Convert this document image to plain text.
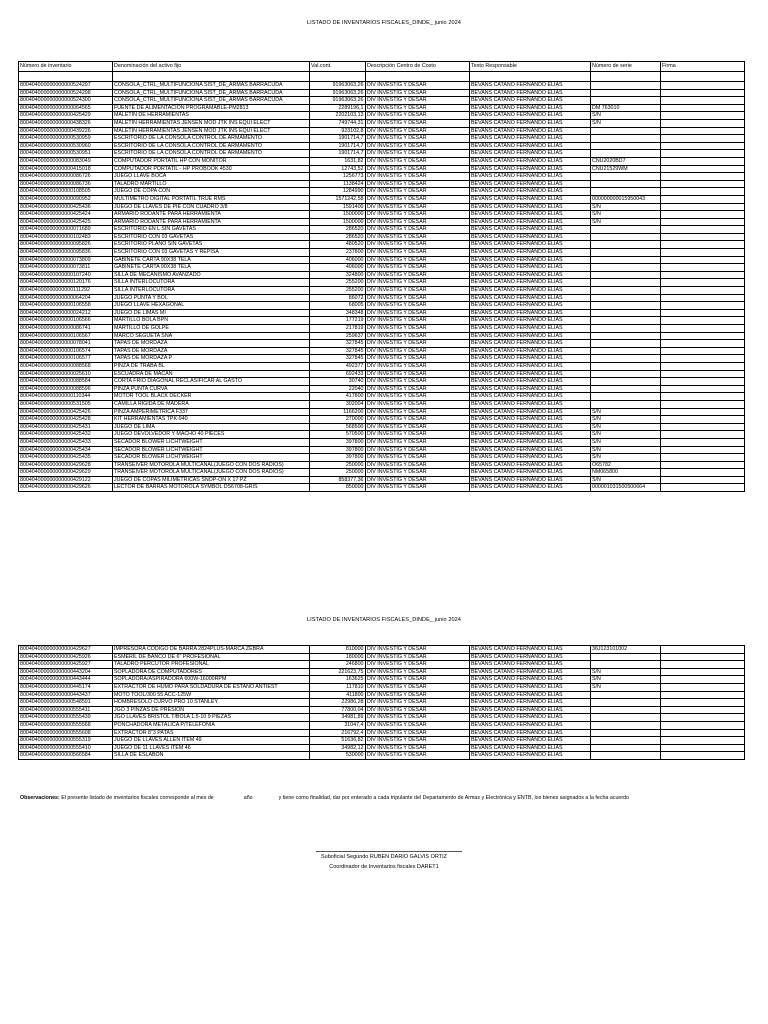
LISTADO DE INVENTARIOS FISCALES_DINDE_ junio 2024
Número de inventario	Denominación del activo fijo	Val.cont.	Descripción Centro de Costo	Texto Responsable	Número de serie	Firma

800404000000000000524297	CONSOLA_CTRL_MULTIFUNCIONA SIST_DE_ARMAS BARRACUDA	91963063,26	DIV INVESTIG Y DESAR	BEVANS CATAÑO FERNANDO ELIAS		
800404000000000000524298	CONSOLA_CTRL_MULTIFUNCIONA SIST_DE_ARMAS BARRACUDA	91963063,26	DIV INVESTIG Y DESAR	BEVANS CATAÑO FERNANDO ELIAS		
800404000000000000524300	CONSOLA_CTRL_MULTIFUNCIONA SIST_DE_ARMAS BARRACUDA	91963063,26	DIV INVESTIG Y DESAR	BEVANS CATAÑO FERNANDO ELIAS		
800404000000000000064565	FUENTE DE ALIMENTACION PROGRAMABLE-PM2813	2289196,1	DIV INVESTIG Y DESAR	BEVANS CATAÑO FERNANDO ELIAS	DM 763010	
800404000000000000425429	MALETIN DE HERRAMIENTAS	2202103,13	DIV INVESTIG Y DESAR	BEVANS CATAÑO FERNANDO ELIAS	S/N	
800404000000000000438326	MALETIN HERRAMIENTAS JENSEN MOD JTK INS EQUI ELECT	749744,31	DIV INVESTIG Y DESAR	BEVANS CATAÑO FERNANDO ELIAS	S/N	
800404000000000000439226	MALETIN HERRAMIENTAS JENSEN MOD JTK INS EQUI ELECT	923102,8	DIV INVESTIG Y DESAR	BEVANS CATAÑO FERNANDO ELIAS		
800404000000000000530959	ESCRITORIO DE LA CONSOLA CONTROL DE ARMAMENTO	1901714,7	DIV INVESTIG Y DESAR	BEVANS CATAÑO FERNANDO ELIAS		
800404000000000000530960	ESCRITORIO DE LA CONSOLA CONTROL DE ARMAMENTO	1901714,7	DIV INVESTIG Y DESAR	BEVANS CATAÑO FERNANDO ELIAS		
800404000000000000530951	ESCRITORIO DE LA CONSOLA CONTROL DE ARMAMENTO	1901714,7	DIV INVESTIG Y DESAR	BEVANS CATAÑO FERNANDO ELIAS		
800404000000000000083049	COMPUTADOR PORTATIL HP CON MONITOR	1631,82	DIV INVESTIG Y DESAR	BEVANS CATAÑO FERNANDO ELIAS	CNU2020BD7	
800404000000000000415018	COMPUTADOR PORTATIL - HP PROBOOK 4530	12743,52	DIV INVESTIG Y DESAR	BEVANS CATAÑO FERNANDO ELIAS	CNU21529WM	
800404000000000000086726	JUEGO LLAVE BOCA	1256773	DIV INVESTIG Y DESAR	BEVANS CATAÑO FERNANDO ELIAS		
800404000000000000086736	TALADRO MARTILLO	1138424	DIV INVESTIG Y DESAR	BEVANS CATAÑO FERNANDO ELIAS		
800404000000000000108505	JUEGO DE COPA CON	1284990	DIV INVESTIG Y DESAR	BEVANS CATAÑO FERNANDO ELIAS		
800404000000000000090952	MULTIMETRO DIGITAL PORTATIL TRUE RMS	1571242,58	DIV INVESTIG Y DESAR	BEVANS CATAÑO FERNANDO ELIAS	000000000015950043	
800404000000000000425436	JUEGO DE LLAVES DE PIE CON CUADRO 3/8	1591400	DIV INVESTIG Y DESAR	BEVANS CATAÑO FERNANDO ELIAS	S/N	
800404000000000000425424	ARMARIO RODANTE PARA HERRAMIENTA	1500000	DIV INVESTIG Y DESAR	BEVANS CATAÑO FERNANDO ELIAS	S/N	
800404000000000000425425	ARMARIO RODANTE PARA HERRAMIENTA	1500000	DIV INVESTIG Y DESAR	BEVANS CATAÑO FERNANDO ELIAS	S/N	
800404000000000000071689	ESCRITORIO EN L SIN GAVETAS	286520	DIV INVESTIG Y DESAR	BEVANS CATAÑO FERNANDO ELIAS		
800404000000000000102483	ESCRITORIO CON 03 GAVETAS	286520	DIV INVESTIG Y DESAR	BEVANS CATAÑO FERNANDO ELIAS		
800404000000000000095826	ESCRITORIO PLANO SIN GAVETAS	480520	DIV INVESTIG Y DESAR	BEVANS CATAÑO FERNANDO ELIAS		
800404000000000000095836	ESCRITORIO CON 03 GAVETAS Y REPISA	237800	DIV INVESTIG Y DESAR	BEVANS CATAÑO FERNANDO ELIAS		
800404000000000000073809	GABINETE CARTA 90X38 TELA	406000	DIV INVESTIG Y DESAR	BEVANS CATAÑO FERNANDO ELIAS		
800404000000000000073811	GABINETE CARTA 90X38 TELA	406000	DIV INVESTIG Y DESAR	BEVANS CATAÑO FERNANDO ELIAS		
800404000000000000107240	SILLA DE MECANISMO AVANZADO	324800	DIV INVESTIG Y DESAR	BEVANS CATAÑO FERNANDO ELIAS		
800404000000000000120176	SILLA INTERLOCUTORA	255200	DIV INVESTIG Y DESAR	BEVANS CATAÑO FERNANDO ELIAS		
800404000000000000111292	SILLA INTERLOCUTORA	255200	DIV INVESTIG Y DESAR	BEVANS CATAÑO FERNANDO ELIAS		
800404000000000000064204	JUEGO PUNTA Y BOL	86072	DIV INVESTIG Y DESAR	BEVANS CATAÑO FERNANDO ELIAS		
800404000000000000106558	JUEGO LLAVE HEXAGONAL	68005	DIV INVESTIG Y DESAR	BEVANS CATAÑO FERNANDO ELIAS		
800404000000000000024212	JUEGO DE LIMAS MI	348348	DIV INVESTIG Y DESAR	BEVANS CATAÑO FERNANDO ELIAS		
800404000000000000106566	MARTILLO BOLA BPN	177219	DIV INVESTIG Y DESAR	BEVANS CATAÑO FERNANDO ELIAS		
800404000000000000086741	MARTILLO DE GOLPE	217819	DIV INVESTIG Y DESAR	BEVANS CATAÑO FERNANDO ELIAS		
800404000000000000106567	MARCO SEGUETA SNA	259637	DIV INVESTIG Y DESAR	BEVANS CATAÑO FERNANDO ELIAS		
800404000000000000078041	TAPAS DE MORDAZA	327845	DIV INVESTIG Y DESAR	BEVANS CATAÑO FERNANDO ELIAS		
800404000000000000106574	TAPAS DE MORDAZA	327845	DIV INVESTIG Y DESAR	BEVANS CATAÑO FERNANDO ELIAS		
800404000000000000106577	TAPAS DE MORDAZA P	327845	DIV INVESTIG Y DESAR	BEVANS CATAÑO FERNANDO ELIAS		
800404000000000000088568	PINZA DE TRABA BL	492377	DIV INVESTIG Y DESAR	BEVANS CATAÑO FERNANDO ELIAS		
800404000000000000025610	ESCUADRA DE MACAN	692433	DIV INVESTIG Y DESAR	BEVANS CATAÑO FERNANDO ELIAS		
800404000000000000088584	CORTA FRIO DIAGONAL RECLASIFICAR AL GASTO	30740	DIV INVESTIG Y DESAR	BEVANS CATAÑO FERNANDO ELIAS		
800404000000000000088596	PINZA PUNTA CURVA	22040	DIV INVESTIG Y DESAR	BEVANS CATAÑO FERNANDO ELIAS		
800404000000000000110344	MOTOR TOOL BLACK DECKER	417800	DIV INVESTIG Y DESAR	BEVANS CATAÑO FERNANDO ELIAS		
800404000000000000531505	CAMILLA RIGIDA DE MADERA	302004	DIV INVESTIG Y DESAR	BEVANS CATAÑO FERNANDO ELIAS		
800404000000000000425426	PINZA AMPERIMETRICA F337	1166200	DIV INVESTIG Y DESAR	BEVANS CATAÑO FERNANDO ELIAS	S/N	
800404000000000000425428	KIT HERRAMIENTAS TPK-940	270000	DIV INVESTIG Y DESAR	BEVANS CATAÑO FERNANDO ELIAS	S/N	
800404000000000000425431	JUEGO DE LIMA	568500	DIV INVESTIG Y DESAR	BEVANS CATAÑO FERNANDO ELIAS	S/N	
800404000000000000425432	JUEGO DEVOLVEDOR Y MACHO 40 PIECES	570500	DIV INVESTIG Y DESAR	BEVANS CATAÑO FERNANDO ELIAS	S/N	
800404000000000000425433	SECADOR BLOWER LICHTWEIGHT	397800	DIV INVESTIG Y DESAR	BEVANS CATAÑO FERNANDO ELIAS	S/N	
800404000000000000425434	SECADOR BLOWER LICHTWEIGHT	397800	DIV INVESTIG Y DESAR	BEVANS CATAÑO FERNANDO ELIAS	S/N	
800404000000000000425435	SECADOR BLOWER LICHTWEIGHT	397800	DIV INVESTIG Y DESAR	BEVANS CATAÑO FERNANDO ELIAS	S/N	
800404000000000000429628	TRANSEIVER MOTOROLA MULTICANAL(JUEGO CON DOS RADIOS)	250000	DIV INVESTIG Y DESAR	BEVANS CATAÑO FERNANDO ELIAS	O65782	
800404000000000000429629	TRANSEIVER MOTOROLA MULTICANAL(JUEGO CON DOS RADIOS)	250000	DIV INVESTIG Y DESAR	BEVANS CATAÑO FERNANDO ELIAS	NM065800	
800404000000000000429122	JUEGO DE COPAS MILIMETRICAS SNOP-ON X 17 PZ	858377,36	DIV INVESTIG Y DESAR	BEVANS CATAÑO FERNANDO ELIAS	S/N	
800404000000000000429626	LECTOR DE BARRAS MOTOROLA SYMBOL DS6708-GRIS	850000	DIV INVESTIG Y DESAR	BEVANS CATAÑO FERNANDO ELIAS	000001031500500664	
LISTADO DE INVENTARIOS FISCALES_DINDE_ junio 2024
800404000000000000429627	IMPRESORA CODIGO DE BARRA 2824PLUS-MARCA ZEBRA	810000	DIV INVESTIG Y DESAR	BEVANS CATAÑO FERNANDO ELIAS	36J123101002	
800404000000000000425926	ESMERIL DE BANCO DE 6" PROFESIONAL	180000	DIV INVESTIG Y DESAR	BEVANS CATAÑO FERNANDO ELIAS		
800404000000000000425927	TALADRO PERCUTOR PROFESIONAL	246800	DIV INVESTIG Y DESAR	BEVANS CATAÑO FERNANDO ELIAS		
800404000000000000443204	SOPLADORA DE COMPUTADORES	221623,75	DIV INVESTIG Y DESAR	BEVANS CATAÑO FERNANDO ELIAS	S/N	
800404000000000000443444	SOPLADORA/ASPIRADORA 600W-16000RPM	163625	DIV INVESTIG Y DESAR	BEVANS CATAÑO FERNANDO ELIAS	S/N	
800404000000000000445174	EXTRACTOR DE HUMO PARA SOLDADURA DE ESTAÑO ANTIEST	117810	DIV INVESTIG Y DESAR	BEVANS CATAÑO FERNANDO ELIAS	S/N	
800404000000000000443437	MOTO TOOL/300 55 ACC-125W	411800	DIV INVESTIG Y DESAR	BEVANS CATAÑO FERNANDO ELIAS		
800404000000000000548591	HOMBRESOLO CURVO PRO 10 STANLEY	22986,28	DIV INVESTIG Y DESAR	BEVANS CATAÑO FERNANDO ELIAS		
800404000000000000555411	JGO 3 PINZAS DE PRESION	77800,04	DIV INVESTIG Y DESAR	BEVANS CATAÑO FERNANDO ELIAS		
800404000000000000555439	JGO LLAVES BRISTOL T/BOLA 1.5-10 9 PIEZAS	34981,89	DIV INVESTIG Y DESAR	BEVANS CATAÑO FERNANDO ELIAS		
800404000000000000555568	PONCHADORA METALICA P/TELEFONIA	31047,4	DIV INVESTIG Y DESAR	BEVANS CATAÑO FERNANDO ELIAS		
800404000000000000555608	EXTRACTOR 8"3 PATAS	216792,4	DIV INVESTIG Y DESAR	BEVANS CATAÑO FERNANDO ELIAS		
800404000000000000555319	JUEGO DE LLAVES ALLEN ITEM 49	51636,82	DIV INVESTIG Y DESAR	BEVANS CATAÑO FERNANDO ELIAS		
800404000000000000555410	JUEGO DE 11 LLAVES ITEM 46	34982,12	DIV INVESTIG Y DESAR	BEVANS CATAÑO FERNANDO ELIAS		
800404000000000000566584	SILLA DE ESLABON	530000	DIV INVESTIG Y DESAR	BEVANS CATAÑO FERNANDO ELIAS		
Observaciones: El presente listado de inventarios fiscales corresponde al mes de	año	y tiene como finalidad, dar por enterado a cada tripulante del Departamento de Armas y Electrónica y ENTB, los bienes asignados a la fecha acuerdo
Suboficial Segundo RUBEN DARIO GALVIS ORTIZ
Coordinador de Inventarios fiscales DARET1
